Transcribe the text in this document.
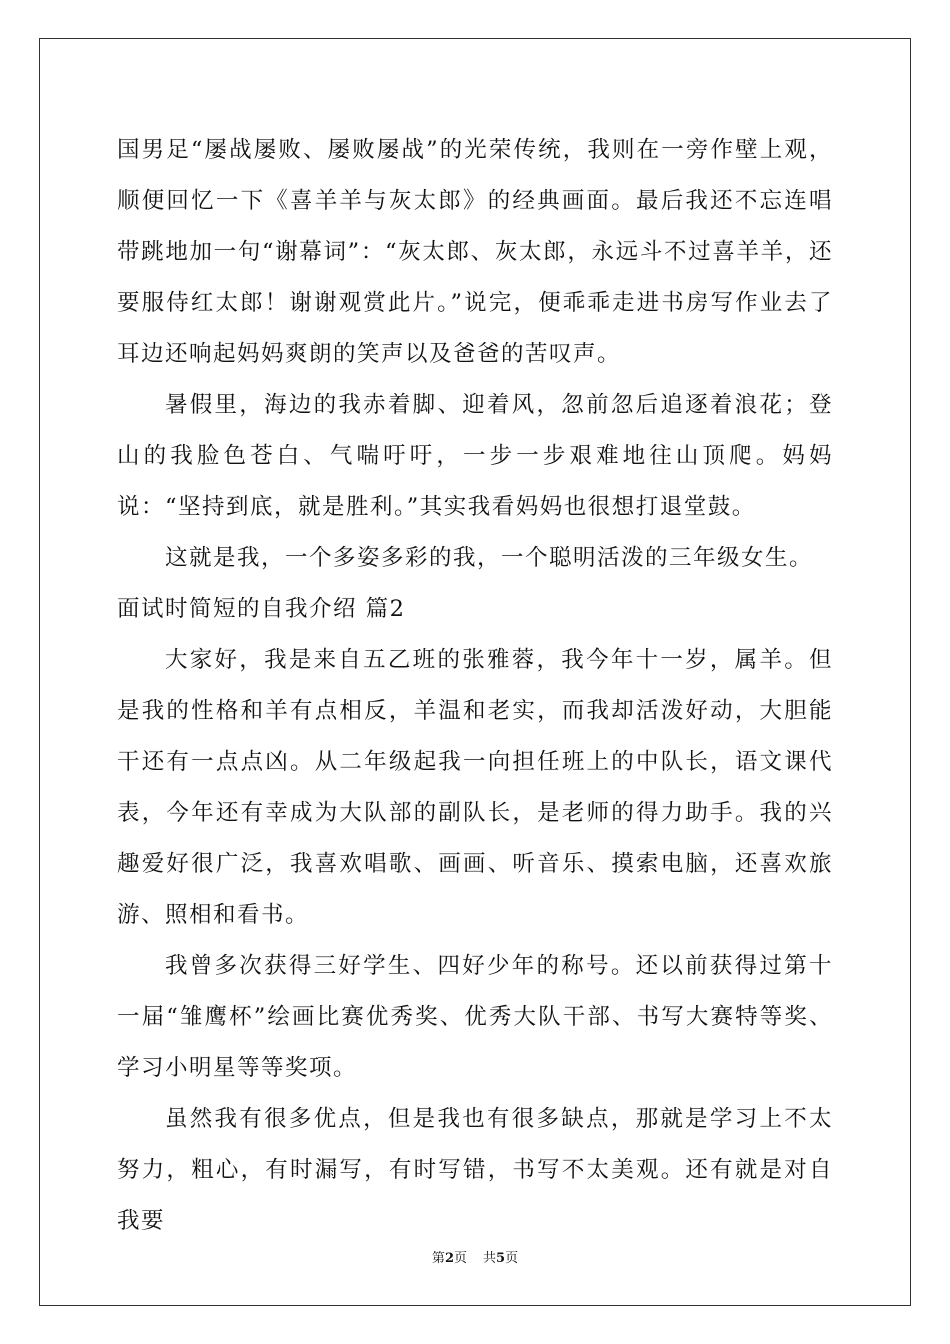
国男足“屡战屡败、屡败屡战”的光荣传统，我则在一旁作壁上观，顺便回忆一下《喜羊羊与灰太郎》的经典画面。最后我还不忘连唱带跳地加一句“谢幕词”：“灰太郎、灰太郎，永远斗不过喜羊羊，还要服侍红太郎！谢谢观赏此片。”说完，便乖乖走进书房写作业去了耳边还响起妈妈爽朗的笑声以及爸爸的苦叹声。

暑假里，海边的我赤着脚、迎着风，忽前忽后追逐着浪花；登山的我脸色苍白、气喘吁吁，一步一步艰难地往山顶爬。妈妈说：“坚持到底，就是胜利。”其实我看妈妈也很想打退堂鼓。

这就是我，一个多姿多彩的我，一个聪明活泼的三年级女生。

面试时简短的自我介绍 篇2

大家好，我是来自五乙班的张雅蓉，我今年十一岁，属羊。但是我的性格和羊有点相反，羊温和老实，而我却活泼好动，大胆能干还有一点点凶。从二年级起我一向担任班上的中队长，语文课代表，今年还有幸成为大队部的副队长，是老师的得力助手。我的兴趣爱好很广泛，我喜欢唱歌、画画、听音乐、摸索电脑，还喜欢旅游、照相和看书。

我曾多次获得三好学生、四好少年的称号。还以前获得过第十一届“雏鹰杯”绘画比赛优秀奖、优秀大队干部、书写大赛特等奖、学习小明星等等奖项。

虽然我有很多优点，但是我也有很多缺点，那就是学习上不太努力，粗心，有时漏写，有时写错，书写不太美观。还有就是对自我要

第2页 共5页
